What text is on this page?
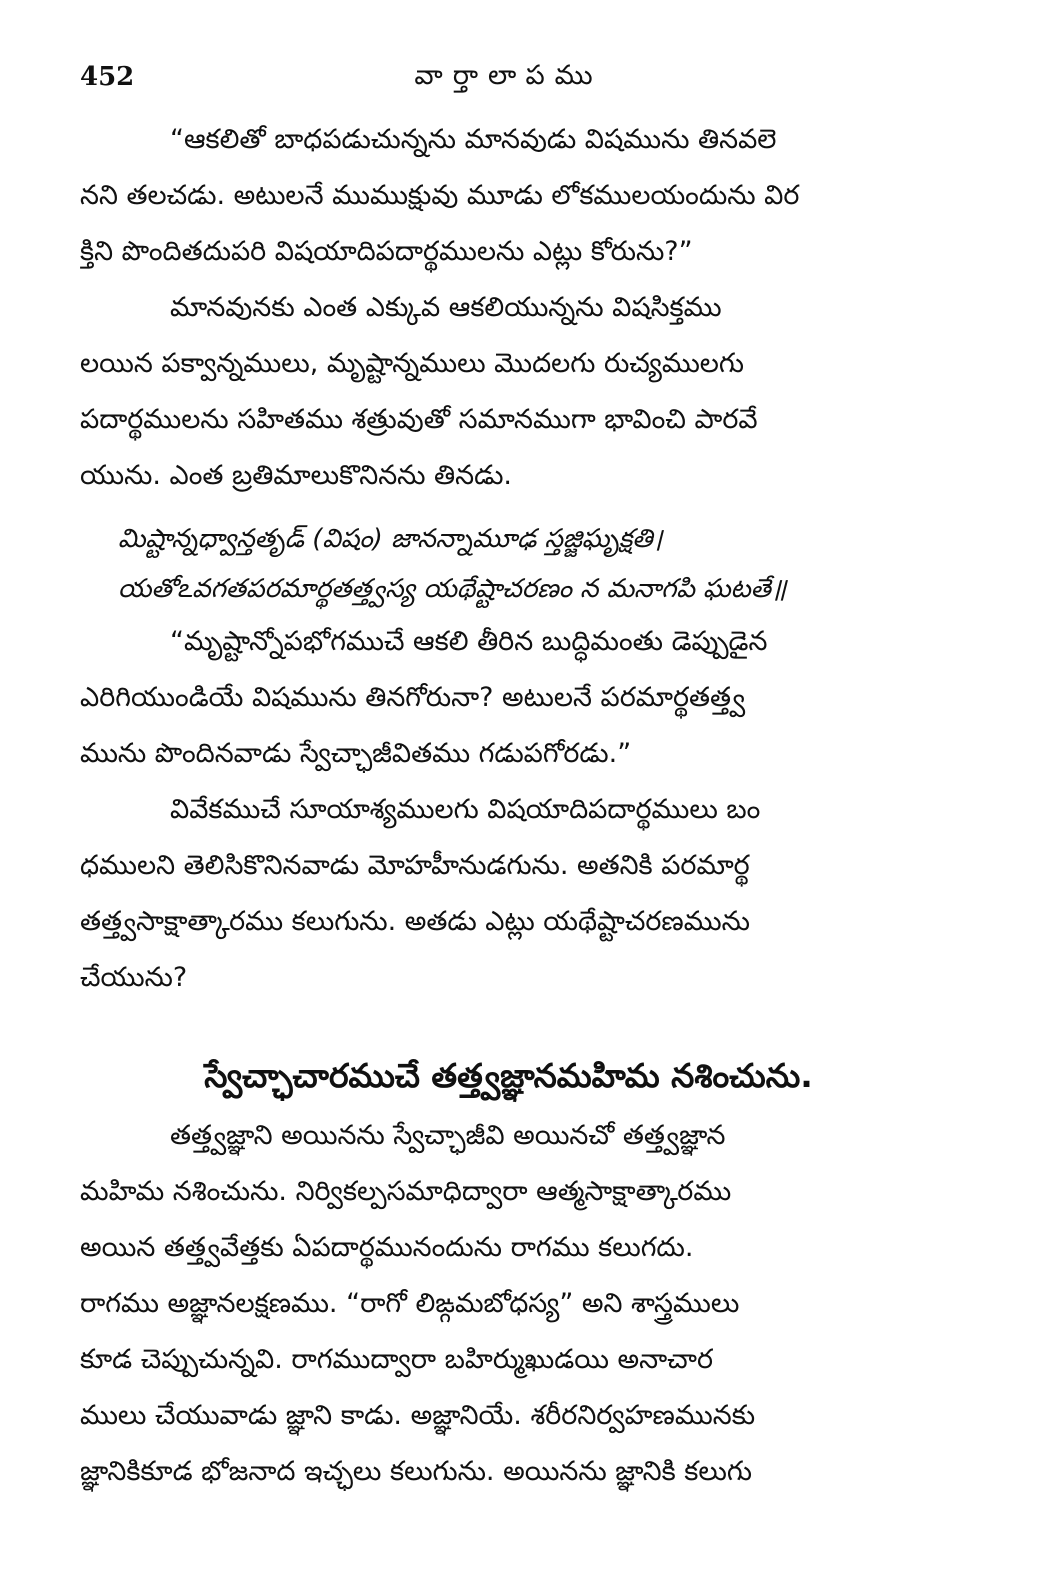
452	వార్తాలాపము
“ఆకలితో బాధపడుచున్నను మానవుడు విషమును తినవలె
నని తలచడు. అటులనే ముముక్షువు మూడు లోకములయందును విర
క్తిని పొందితదుపరి విషయాదిపదార్థములను ఎట్లు కోరును?”
మానవునకు ఎంత ఎక్కువ ఆకలియున్నను విషసిక్తము
లయిన పక్వాన్నములు, మృష్టాన్నములు మొదలగు రుచ్యములగు
పదార్థములను సహితము శత్రువుతో సమానముగా భావించి పారవే
యును. ఎంత బ్రతిమాలుకొనినను తినడు.
మిష్టాన్నధ్వాన్తతృడ్ (విషం) జానన్నామూఢ స్తజ్జిఘృక్షతి।
యతోఽవగతపరమార్థతత్త్వస్య యథేష్టాచరణం న మనాగపి ఘటతే॥
“మృష్టాన్నోపభోగముచే ఆకలి తీరిన బుద్ధిమంతు డెప్పుడైన
ఎరిగియుండియే విషమును తినగోరునా? అటులనే పరమార్థతత్త్వ
మును పొందినవాడు స్వేచ్ఛాజీవితము గడుపగోరడు.”
వివేకముచే సూయాశ్యములగు విషయాదిపదార్థములు బం
ధములని తెలిసికొనినవాడు మోహహీనుడగును. అతనికి పరమార్థ
తత్త్వసాక్షాత్కారము కలుగును. అతడు ఎట్లు యథేష్టాచరణమును
చేయును?
స్వేచ్ఛాచారముచే తత్త్వజ్ఞానమహిమ నశించును.
తత్త్వజ్ఞాని అయినను స్వేచ్ఛాజీవి అయినచో తత్త్వజ్ఞాన
మహిమ నశించును. నిర్వికల్పసమాధిద్వారా ఆత్మసాక్షాత్కారము
అయిన తత్త్వవేత్తకు ఏపదార్థమునందును రాగము కలుగదు.
రాగము అజ్ఞానలక్షణము. “రాగో లిఙ్గమబోధస్య” అని శాస్త్రములు
కూడ చెప్పుచున్నవి. రాగముద్వారా బహిర్ముఖుడయి అనాచార
ములు చేయువాడు జ్ఞాని కాడు. అజ్ఞానియే. శరీరనిర్వహణమునకు
జ్ఞానికికూడ భోజనాద ఇచ్ఛలు కలుగును. అయినను జ్ఞానికి కలుగు
